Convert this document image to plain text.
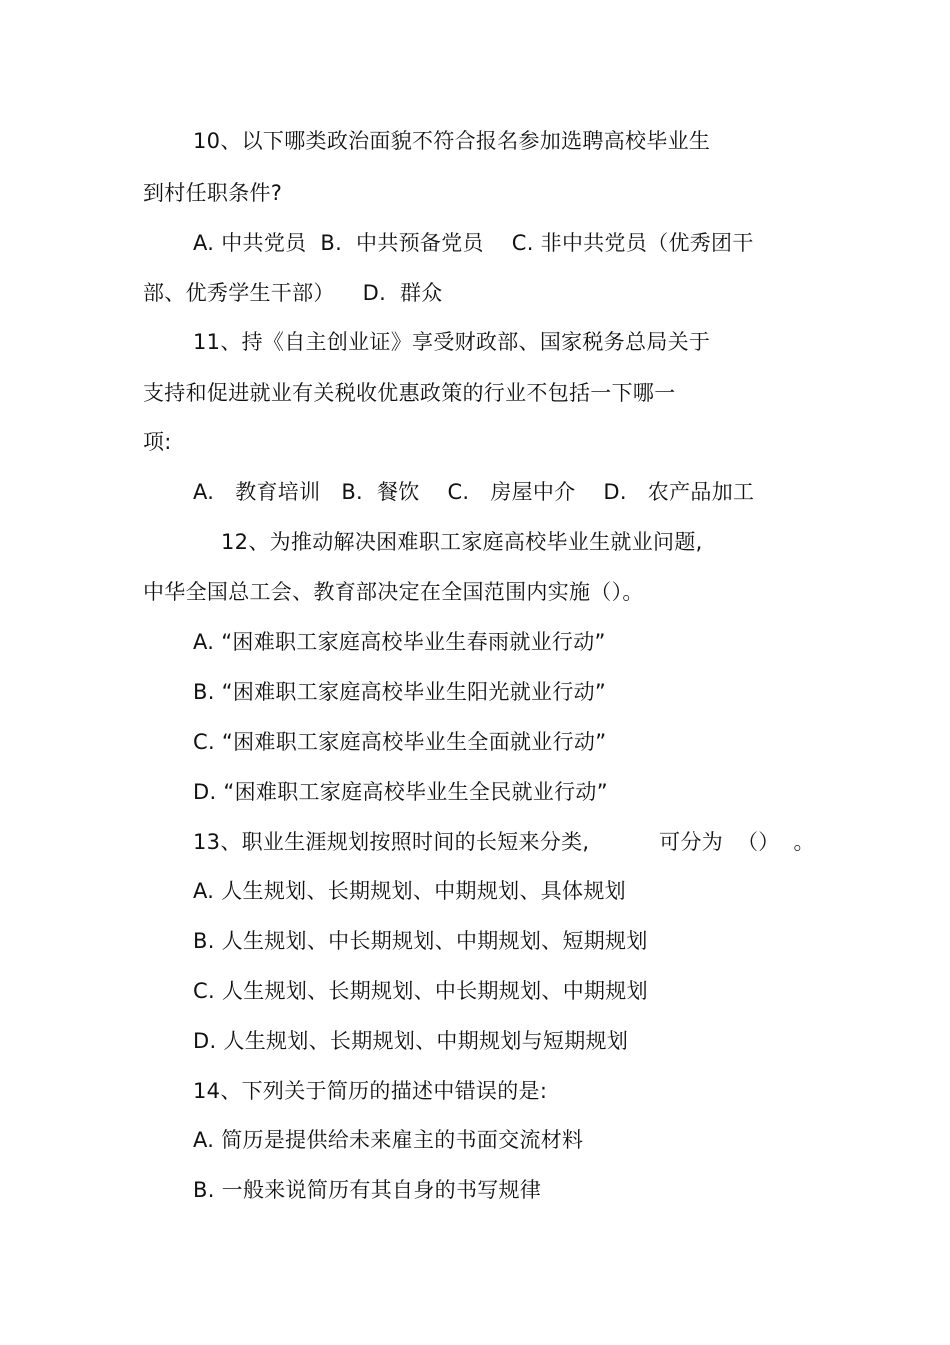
10、以下哪类政治面貌不符合报名参加选聘高校毕业生
到村任职条件?
A. 中共党员  B.  中共预备党员    C. 非中共党员（优秀团干
部、优秀学生干部）    D.  群众
11、持《自主创业证》享受财政部、国家税务总局关于
支持和促进就业有关税收优惠政策的行业不包括一下哪一
项:
A.   教育培训   B.  餐饮    C.   房屋中介    D.   农产品加工
12、为推动解决困难职工家庭高校毕业生就业问题,
中华全国总工会、教育部决定在全国范围内实施（）。
A. “困难职工家庭高校毕业生春雨就业行动”
B. “困难职工家庭高校毕业生阳光就业行动”
C. “困难职工家庭高校毕业生全面就业行动”
D. “困难职工家庭高校毕业生全民就业行动”
13、职业生涯规划按照时间的长短来分类,          可分为  （）  。
A. 人生规划、长期规划、中期规划、具体规划
B. 人生规划、中长期规划、中期规划、短期规划
C. 人生规划、长期规划、中长期规划、中期规划
D. 人生规划、长期规划、中期规划与短期规划
14、下列关于简历的描述中错误的是:
A. 简历是提供给未来雇主的书面交流材料
B. 一般来说简历有其自身的书写规律
